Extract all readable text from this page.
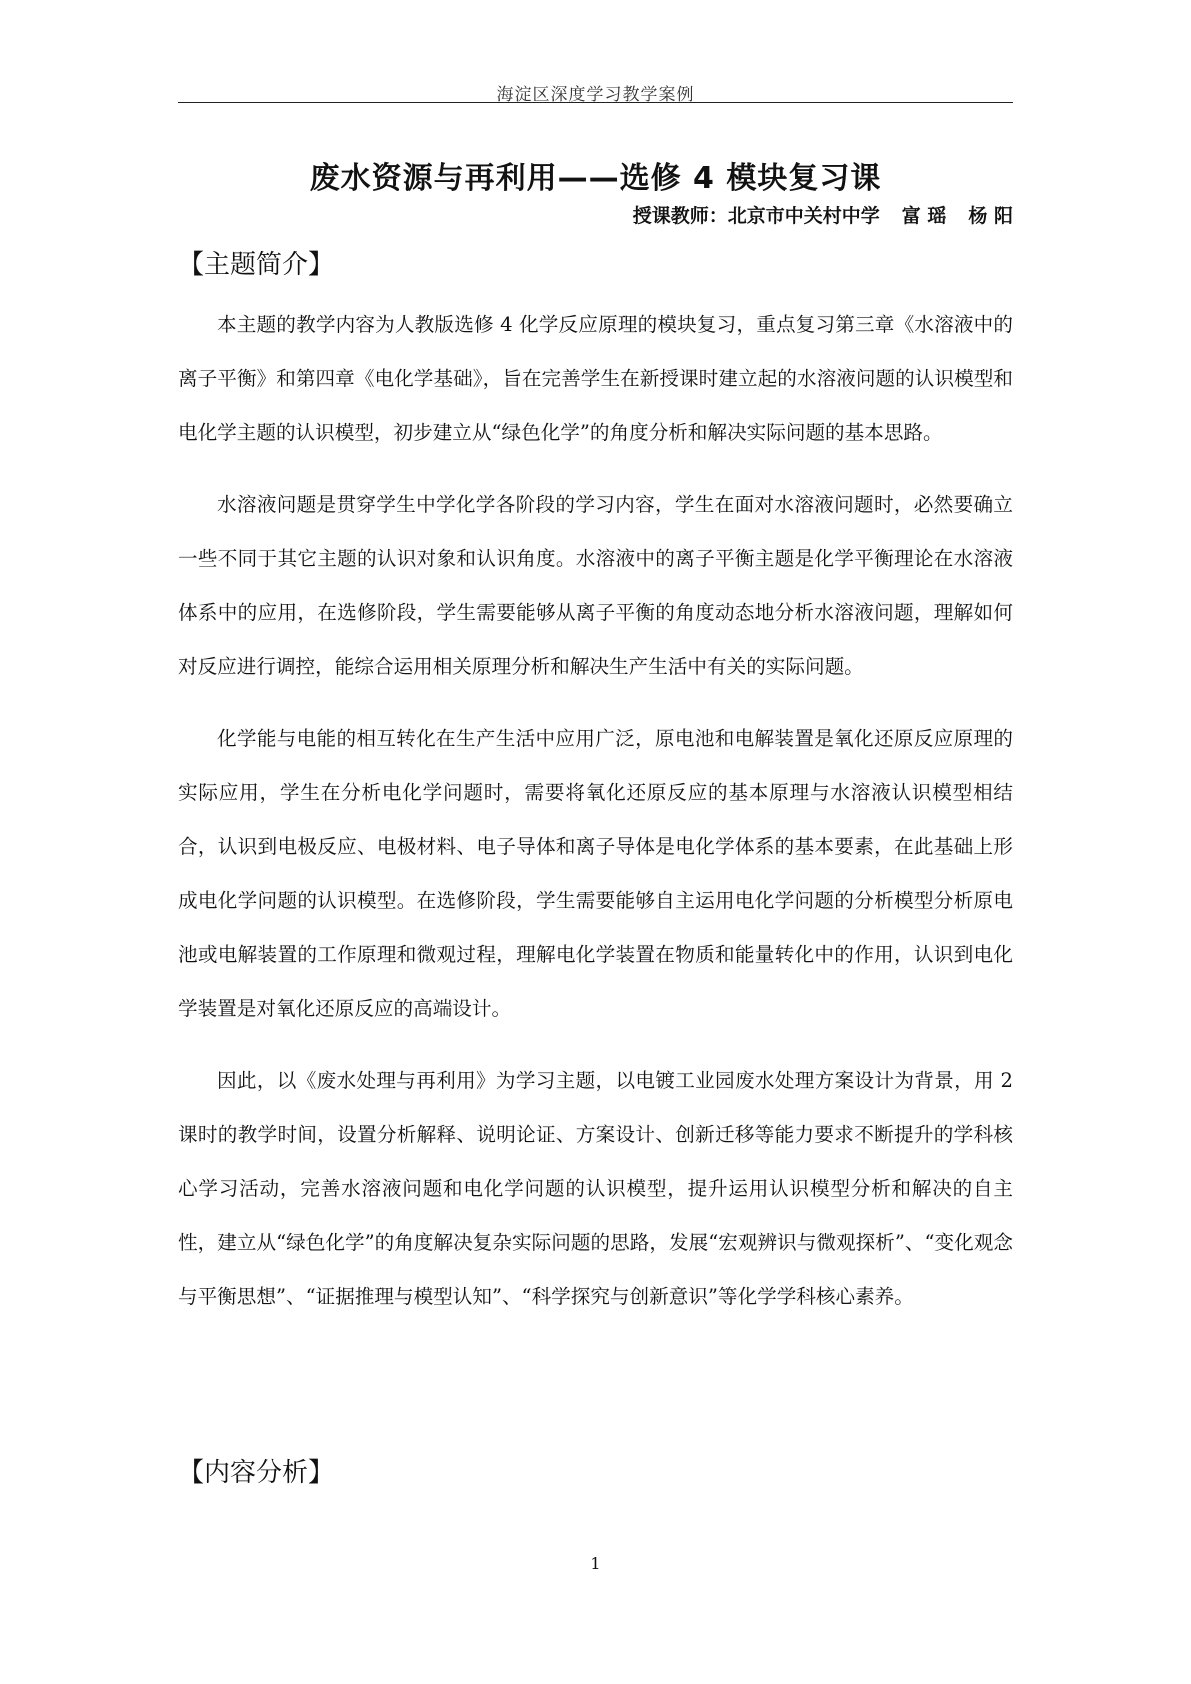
海淀区深度学习教学案例
废水资源与再利用——选修 4 模块复习课
授课教师：北京市中关村中学 富 瑶 杨 阳
【主题简介】

本主题的教学内容为人教版选修 4 化学反应原理的模块复习，重点复习第三章《水溶液中的离子平衡》和第四章《电化学基础》，旨在完善学生在新授课时建立起的水溶液问题的认识模型和电化学主题的认识模型，初步建立从“绿色化学”的角度分析和解决实际问题的基本思路。

水溶液问题是贯穿学生中学化学各阶段的学习内容，学生在面对水溶液问题时，必然要确立一些不同于其它主题的认识对象和认识角度。水溶液中的离子平衡主题是化学平衡理论在水溶液体系中的应用，在选修阶段，学生需要能够从离子平衡的角度动态地分析水溶液问题，理解如何对反应进行调控，能综合运用相关原理分析和解决生产生活中有关的实际问题。

化学能与电能的相互转化在生产生活中应用广泛，原电池和电解装置是氧化还原反应原理的实际应用，学生在分析电化学问题时，需要将氧化还原反应的基本原理与水溶液认识模型相结合，认识到电极反应、电极材料、电子导体和离子导体是电化学体系的基本要素，在此基础上形成电化学问题的认识模型。在选修阶段，学生需要能够自主运用电化学问题的分析模型分析原电池或电解装置的工作原理和微观过程，理解电化学装置在物质和能量转化中的作用，认识到电化学装置是对氧化还原反应的高端设计。

因此，以《废水处理与再利用》为学习主题，以电镀工业园废水处理方案设计为背景，用 2 课时的教学时间，设置分析解释、说明论证、方案设计、创新迁移等能力要求不断提升的学科核心学习活动，完善水溶液问题和电化学问题的认识模型，提升运用认识模型分析和解决的自主性，建立从“绿色化学”的角度解决复杂实际问题的思路，发展“宏观辨识与微观探析”、“变化观念与平衡思想”、“证据推理与模型认知”、“科学探究与创新意识”等化学学科核心素养。

【内容分析】
1
